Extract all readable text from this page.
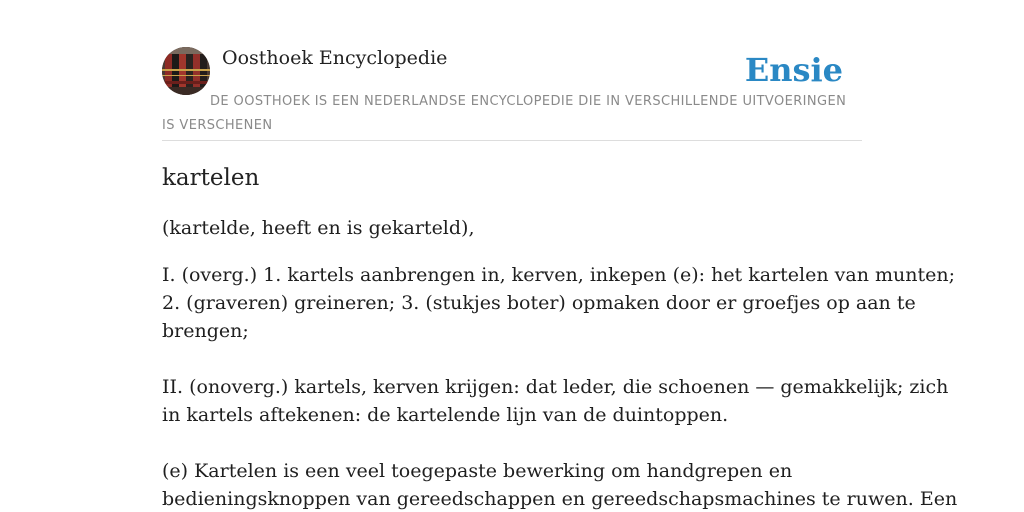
Oosthoek Encyclopedie	Ensie
DE OOSTHOEK IS EEN NEDERLANDSE ENCYCLOPEDIE DIE IN VERSCHILLENDE UITVOERINGEN IS VERSCHENEN
kartelen

(kartelde, heeft en is gekarteld),

I. (overg.) 1. kartels aanbrengen in, kerven, inkepen (e): het kartelen van munten;
2. (graveren) greineren; 3. (stukjes boter) opmaken door er groefjes op aan te
brengen;
II. (onoverg.) kartels, kerven krijgen: dat leder, die schoenen — gemakkelijk; zich
in kartels aftekenen: de kartelende lijn van de duintoppen.
(e) Kartelen is een veel toegepaste bewerking om handgrepen en
bedieningsknoppen van gereedschappen en gereedschapsmachines te ruwen. Een
